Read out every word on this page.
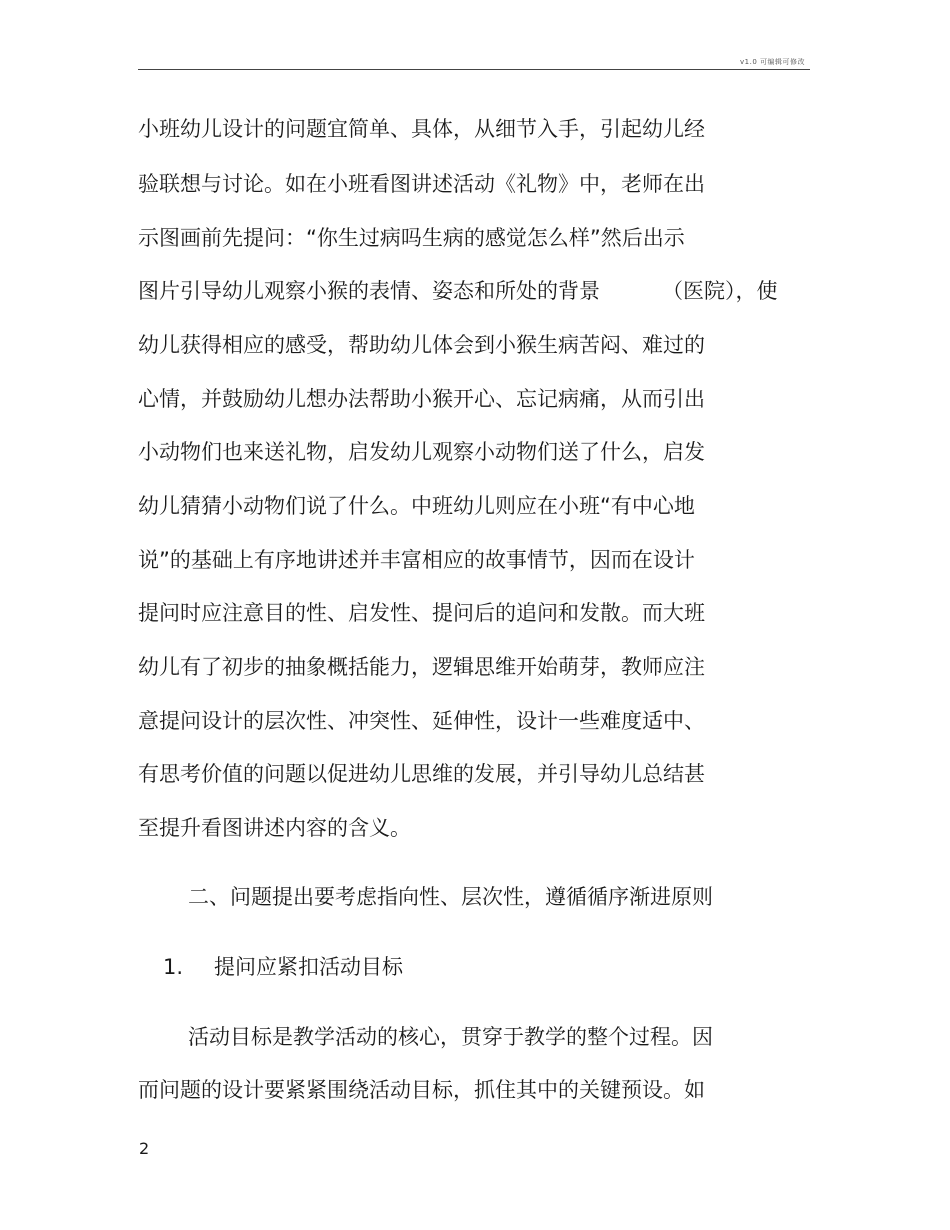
v1.0 可编辑可修改
小班幼儿设计的问题宜简单、具体，从细节入手，引起幼儿经
验联想与讨论。如在小班看图讲述活动《礼物》中，老师在出
示图画前先提问：“你生过病吗生病的感觉怎么样”然后出示
图片引导幼儿观察小猴的表情、姿态和所处的背景	（医院），使
幼儿获得相应的感受，帮助幼儿体会到小猴生病苦闷、难过的
心情，并鼓励幼儿想办法帮助小猴开心、忘记病痛，从而引出
小动物们也来送礼物，启发幼儿观察小动物们送了什么，启发
幼儿猜猜小动物们说了什么。中班幼儿则应在小班“有中心地
说”的基础上有序地讲述并丰富相应的故事情节，因而在设计
提问时应注意目的性、启发性、提问后的追问和发散。而大班
幼儿有了初步的抽象概括能力，逻辑思维开始萌芽，教师应注
意提问设计的层次性、冲突性、延伸性，设计一些难度适中、
有思考价值的问题以促进幼儿思维的发展，并引导幼儿总结甚
至提升看图讲述内容的含义。
二、问题提出要考虑指向性、层次性，遵循循序渐进原则
1. 提问应紧扣活动目标
活动目标是教学活动的核心，贯穿于教学的整个过程。因
而问题的设计要紧紧围绕活动目标，抓住其中的关键预设。如
2
